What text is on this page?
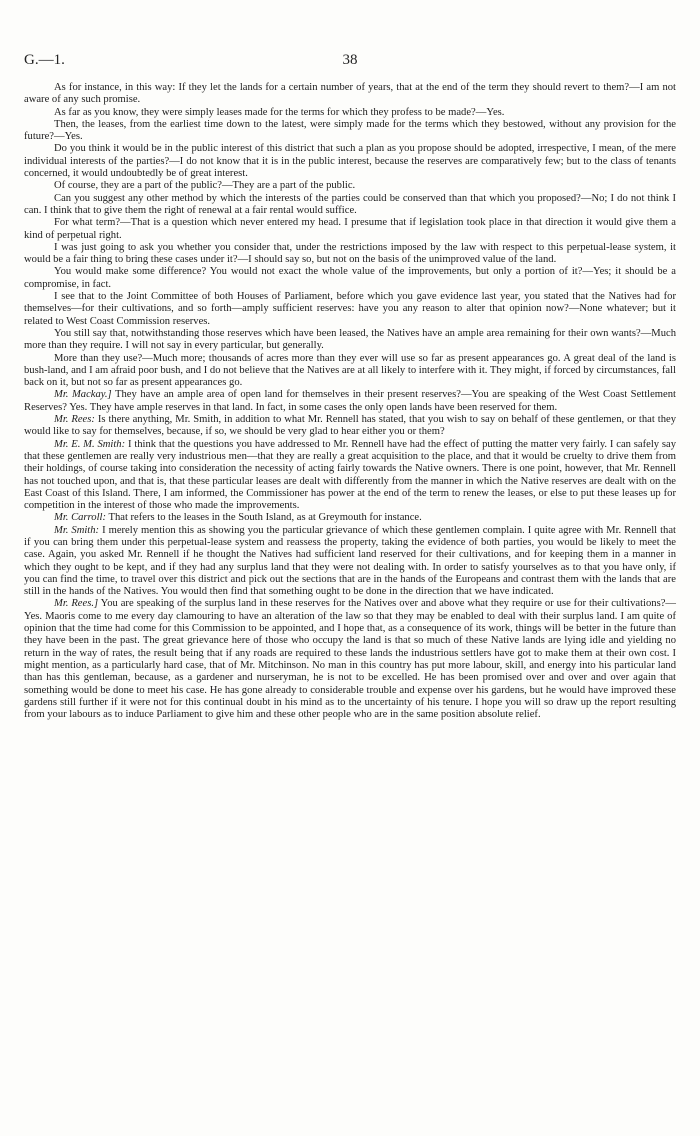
G.—1.	38

As for instance, in this way: If they let the lands for a certain number of years, that at the end of the term they should revert to them?—I am not aware of any such promise.

As far as you know, they were simply leases made for the terms for which they profess to be made?—Yes.

Then, the leases, from the earliest time down to the latest, were simply made for the terms which they bestowed, without any provision for the future?—Yes.

Do you think it would be in the public interest of this district that such a plan as you propose should be adopted, irrespective, I mean, of the mere individual interests of the parties?—I do not know that it is in the public interest, because the reserves are comparatively few; but to the class of tenants concerned, it would undoubtedly be of great interest.

Of course, they are a part of the public?—They are a part of the public.

Can you suggest any other method by which the interests of the parties could be conserved than that which you proposed?—No; I do not think I can. I think that to give them the right of renewal at a fair rental would suffice.

For what term?—That is a question which never entered my head. I presume that if legislation took place in that direction it would give them a kind of perpetual right.

I was just going to ask you whether you consider that, under the restrictions imposed by the law with respect to this perpetual-lease system, it would be a fair thing to bring these cases under it?—I should say so, but not on the basis of the unimproved value of the land.

You would make some difference? You would not exact the whole value of the improvements, but only a portion of it?—Yes; it should be a compromise, in fact.

I see that to the Joint Committee of both Houses of Parliament, before which you gave evidence last year, you stated that the Natives had for themselves—for their cultivations, and so forth—amply sufficient reserves: have you any reason to alter that opinion now?—None whatever; but it related to West Coast Commission reserves.

You still say that, notwithstanding those reserves which have been leased, the Natives have an ample area remaining for their own wants?—Much more than they require. I will not say in every particular, but generally.

More than they use?—Much more; thousands of acres more than they ever will use so far as present appearances go. A great deal of the land is bush-land, and I am afraid poor bush, and I do not believe that the Natives are at all likely to interfere with it. They might, if forced by circumstances, fall back on it, but not so far as present appearances go.

Mr. Mackay.] They have an ample area of open land for themselves in their present reserves?—You are speaking of the West Coast Settlement Reserves? Yes. They have ample reserves in that land. In fact, in some cases the only open lands have been reserved for them.

Mr. Rees: Is there anything, Mr. Smith, in addition to what Mr. Rennell has stated, that you wish to say on behalf of these gentlemen, or that they would like to say for themselves, because, if so, we should be very glad to hear either you or them?

Mr. E. M. Smith: I think that the questions you have addressed to Mr. Rennell have had the effect of putting the matter very fairly. I can safely say that these gentlemen are really very industrious men—that they are really a great acquisition to the place, and that it would be cruelty to drive them from their holdings, of course taking into consideration the necessity of acting fairly towards the Native owners. There is one point, however, that Mr. Rennell has not touched upon, and that is, that these particular leases are dealt with differently from the manner in which the Native reserves are dealt with on the East Coast of this Island. There, I am informed, the Commissioner has power at the end of the term to renew the leases, or else to put these leases up for competition in the interest of those who made the improvements.

Mr. Carroll: That refers to the leases in the South Island, as at Greymouth for instance.

Mr. Smith: I merely mention this as showing you the particular grievance of which these gentlemen complain. I quite agree with Mr. Rennell that if you can bring them under this perpetual-lease system and reassess the property, taking the evidence of both parties, you would be likely to meet the case. Again, you asked Mr. Rennell if he thought the Natives had sufficient land reserved for their cultivations, and for keeping them in a manner in which they ought to be kept, and if they had any surplus land that they were not dealing with. In order to satisfy yourselves as to that you have only, if you can find the time, to travel over this district and pick out the sections that are in the hands of the Europeans and contrast them with the lands that are still in the hands of the Natives. You would then find that something ought to be done in the direction that we have indicated.

Mr. Rees.] You are speaking of the surplus land in these reserves for the Natives over and above what they require or use for their cultivations?—Yes. Maoris come to me every day clamouring to have an alteration of the law so that they may be enabled to deal with their surplus land. I am quite of opinion that the time had come for this Commission to be appointed, and I hope that, as a consequence of its work, things will be better in the future than they have been in the past. The great grievance here of those who occupy the land is that so much of these Native lands are lying idle and yielding no return in the way of rates, the result being that if any roads are required to these lands the industrious settlers have got to make them at their own cost. I might mention, as a particularly hard case, that of Mr. Mitchinson. No man in this country has put more labour, skill, and energy into his particular land than has this gentleman, because, as a gardener and nurseryman, he is not to be excelled. He has been promised over and over and over again that something would be done to meet his case. He has gone already to considerable trouble and expense over his gardens, but he would have improved these gardens still further if it were not for this continual doubt in his mind as to the uncertainty of his tenure. I hope you will so draw up the report resulting from your labours as to induce Parliament to give him and these other people who are in the same position absolute relief.
